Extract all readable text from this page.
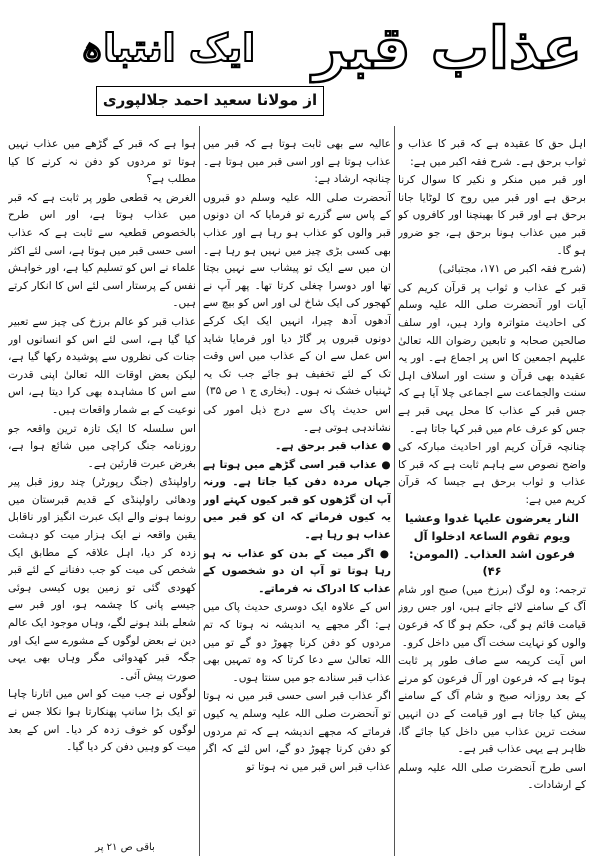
عذاب قبر
ایک انتباہ
از مولانا سعید احمد جلالپوری

اہل حق کا عقیدہ ہے کہ قبر کا عذاب و ثواب برحق ہے۔ شرح فقہ اکبر میں ہے:

اور قبر میں منکر و نکیر کا سوال کرنا برحق ہے اور قبر میں روح کا لوٹایا جانا برحق ہے اور قبر کا بھینچنا اور کافروں کو قبر میں عذاب ہونا برحق ہے، جو ضرور ہو گا۔

(شرح فقہ اکبر ص ۱۷۱، مجتبائی)

قبر کے عذاب و ثواب پر قرآن کریم کی آیات اور آنحضرت صلی اللہ علیہ وسلم کی احادیث متواترہ وارد ہیں، اور سلف صالحین صحابہ و تابعین رضوان اللہ تعالیٰ علیہم اجمعین کا اس پر اجماع ہے۔ اور یہ عقیدہ بھی قرآن و سنت اور اسلاف اہل سنت والجماعت سے اجماعی چلا آیا ہے کہ جس قبر کے عذاب کا محل یہی قبر ہے جس کو عرف عام میں قبر کہا جاتا ہے۔

چنانچہ قرآن کریم اور احادیث مبارکہ کی واضح نصوص سے ہاہم ثابت ہے کہ قبر کا عذاب و ثواب برحق ہے جیسا کہ قرآن کریم میں ہے:

النار یعرضون علیہا غدوا وعشیا ویوم تقوم الساعۃ ادخلوا آل فرعون اشد العذاب۔ (المومن: ۴۶)

ترجمہ: وہ لوگ (برزخ میں) صبح اور شام آگ کے سامنے لائے جاتے ہیں، اور جس روز قیامت قائم ہو گی، حکم ہو گا کہ فرعون والوں کو نہایت سخت آگ میں داخل کرو۔

اس آیت کریمہ سے صاف طور پر ثابت ہوتا ہے کہ فرعون اور آل فرعون کو مرنے کے بعد روزانہ صبح و شام آگ کے سامنے پیش کیا جاتا ہے اور قیامت کے دن انہیں سخت ترین عذاب میں داخل کیا جائے گا، ظاہر ہے یہی عذاب قبر ہے۔

اسی طرح آنحضرت صلی اللہ علیہ وسلم کے ارشادات۔

عالیہ سے بھی ثابت ہوتا ہے کہ قبر میں عذاب ہوتا ہے اور اسی قبر میں ہوتا ہے۔ چنانچہ ارشاد ہے:

آنحضرت صلی اللہ علیہ وسلم دو قبروں کے پاس سے گزرے تو فرمایا کہ ان دونوں قبر والوں کو عذاب ہو رہا ہے اور عذاب بھی کسی بڑی چیز میں نہیں ہو رہا ہے۔ ان میں سے ایک تو پیشاب سے نہیں بچتا تھا اور دوسرا چغلی کرتا تھا۔ پھر آپ نے کھجور کی ایک شاخ لی اور اس کو بیچ سے آدھوں آدھ چیرا، انہیں ایک ایک کرکے دونوں قبروں پر گاڑ دیا اور فرمایا شاید اس عمل سے ان کے عذاب میں اس وقت تک کے لئے تخفیف ہو جائے جب تک یہ ٹہنیاں خشک نہ ہوں۔ (بخاری ج ۱ ص ۳۵)

اس حدیث پاک سے درج ذیل امور کی نشاندہی ہوتی ہے۔

● عذاب قبر برحق ہے۔

● عذاب قبر اسی گڑھے میں ہوتا ہے جہاں مردہ دفن کیا جاتا ہے۔ ورنہ آپ ان گڑھوں کو قبر کیوں کہتے اور یہ کیوں فرماتے کہ ان کو قبر میں عذاب ہو رہا ہے۔

● اگر میت کے بدن کو عذاب نہ ہو رہا ہوتا تو آپ ان دو شخصوں کے عذاب کا ادراک نہ فرماتے۔

اس کے علاوہ ایک دوسری حدیث پاک میں ہے: اگر مجھے یہ اندیشہ نہ ہوتا کہ تم مردوں کو دفن کرنا چھوڑ دو گے تو میں اللہ تعالیٰ سے دعا کرتا کہ وہ تمہیں بھی عذاب قبر سنادے جو میں سنتا ہوں۔

اگر عذاب قبر اسی حسی قبر میں نہ ہوتا تو آنحضرت صلی اللہ علیہ وسلم یہ کیوں فرماتے کہ مجھے اندیشہ ہے کہ تم مردوں کو دفن کرنا چھوڑ دو گے، اس لئے کہ اگر عذاب قبر اس قبر میں نہ ہوتا تو

ہوا ہے کہ قبر کے گڑھے میں عذاب نہیں ہوتا تو مردوں کو دفن نہ کرنے کا کیا مطلب ہے؟

الغرض یہ قطعی طور پر ثابت ہے کہ قبر میں عذاب ہوتا ہے، اور اس طرح بالخصوص قطعیہ سے ثابت ہے کہ عذاب اسی حسی قبر میں ہوتا ہے، اسی لئے اکثر علماء نے اس کو تسلیم کیا ہے، اور خواہش نفس کے پرستار اسی لئے اس کا انکار کرتے ہیں۔

عذاب قبر کو عالم برزخ کی چیز سے تعبیر کیا گیا ہے، اسی لئے اس کو انسانوں اور جنات کی نظروں سے پوشیدہ رکھا گیا ہے، لیکن بعض اوقات اللہ تعالیٰ اپنی قدرت سے اس کا مشاہدہ بھی کرا دیتا ہے، اس نوعیت کے بے شمار واقعات ہیں۔

اس سلسلہ کا ایک تازہ ترین واقعہ جو روزنامہ جنگ کراچی میں شائع ہوا ہے، بغرض عبرت قارئین ہے۔

راولپنڈی (جنگ رپورٹر) چند روز قبل پیر ودھائی راولپنڈی کے قدیم قبرستان میں رونما ہونے والے ایک عبرت انگیز اور ناقابل یقین واقعہ نے ایک ہزار میت کو دہشت زدہ کر دیا، اہل علاقہ کے مطابق ایک شخص کی میت کو جب دفنانے کے لئے قبر کھودی گئی تو زمین یوں کیسی ہوئی جیسے پانی کا چشمہ ہو، اور قبر سے شعلے بلند ہونے لگے، وہاں موجود ایک عالم دین نے بعض لوگوں کے مشورے سے ایک اور جگہ قبر کھدوائی مگر وہاں بھی یہی صورت پیش آئی۔

لوگوں نے جب میت کو اس میں اتارنا چاہا تو ایک بڑا سانپ پھنکارتا ہوا نکلا جس نے لوگوں کو خوف زدہ کر دیا۔ اس کے بعد میت کو وہیں دفن کر دیا گیا۔

باقی ص ۲۱ پر
